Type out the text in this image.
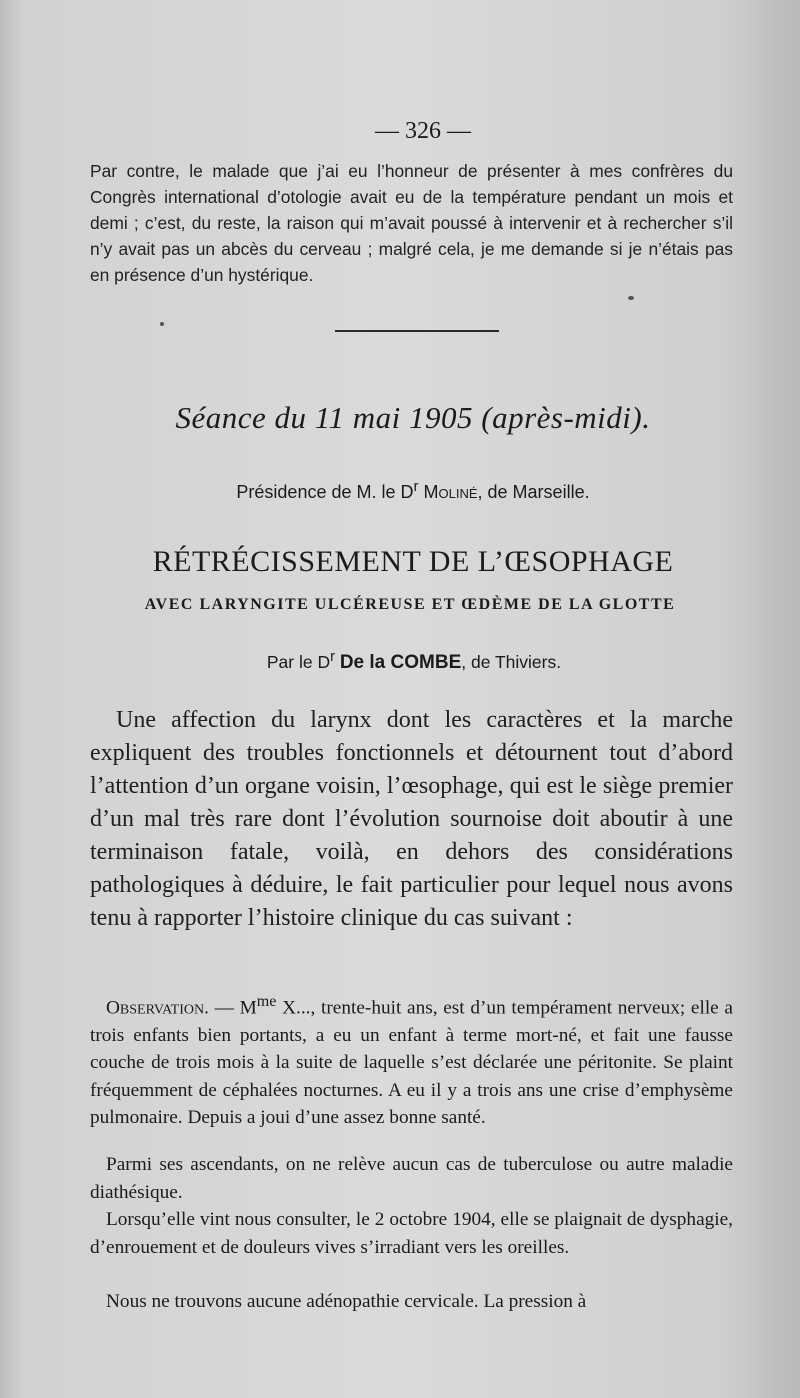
— 326 —

Par contre, le malade que j’ai eu l’honneur de présenter à mes confrères du Congrès international d’otologie avait eu de la température pendant un mois et demi ; c’est, du reste, la raison qui m’avait poussé à intervenir et à rechercher s’il n’y avait pas un abcès du cerveau ; malgré cela, je me demande si je n’étais pas en présence d’un hystérique.

Séance du 11 mai 1905 (après-midi).
Présidence de M. le $D^r$ Moliné, de Marseille.
RÉTRÉCISSEMENT DE L’ŒSOPHAGE
AVEC LARYNGITE ULCÉREUSE ET ŒDÈME DE LA GLOTTE
Par le $D^r$ De la COMBE, de Thiviers.

Une affection du larynx dont les caractères et la marche expliquent des troubles fonctionnels et détournent tout d’abord l’attention d’un organe voisin, l’œsophage, qui est le siège premier d’un mal très rare dont l’évolution sournoise doit aboutir à une terminaison fatale, voilà, en dehors des considérations pathologiques à déduire, le fait particulier pour lequel nous avons tenu à rapporter l’histoire clinique du cas suivant :

Observation. — $M^{me}$ X..., trente-huit ans, est d’un tempérament nerveux; elle a trois enfants bien portants, a eu un enfant à terme mort-né, et fait une fausse couche de trois mois à la suite de laquelle s’est déclarée une péritonite. Se plaint fréquemment de céphalées nocturnes. A eu il y a trois ans une crise d’emphysème pulmonaire. Depuis a joui d’une assez bonne santé.

Parmi ses ascendants, on ne relève aucun cas de tuberculose ou autre maladie diathésique.

Lorsqu’elle vint nous consulter, le 2 octobre 1904, elle se plaignait de dysphagie, d’enrouement et de douleurs vives s’irradiant vers les oreilles.

Nous ne trouvons aucune adénopathie cervicale. La pression à
